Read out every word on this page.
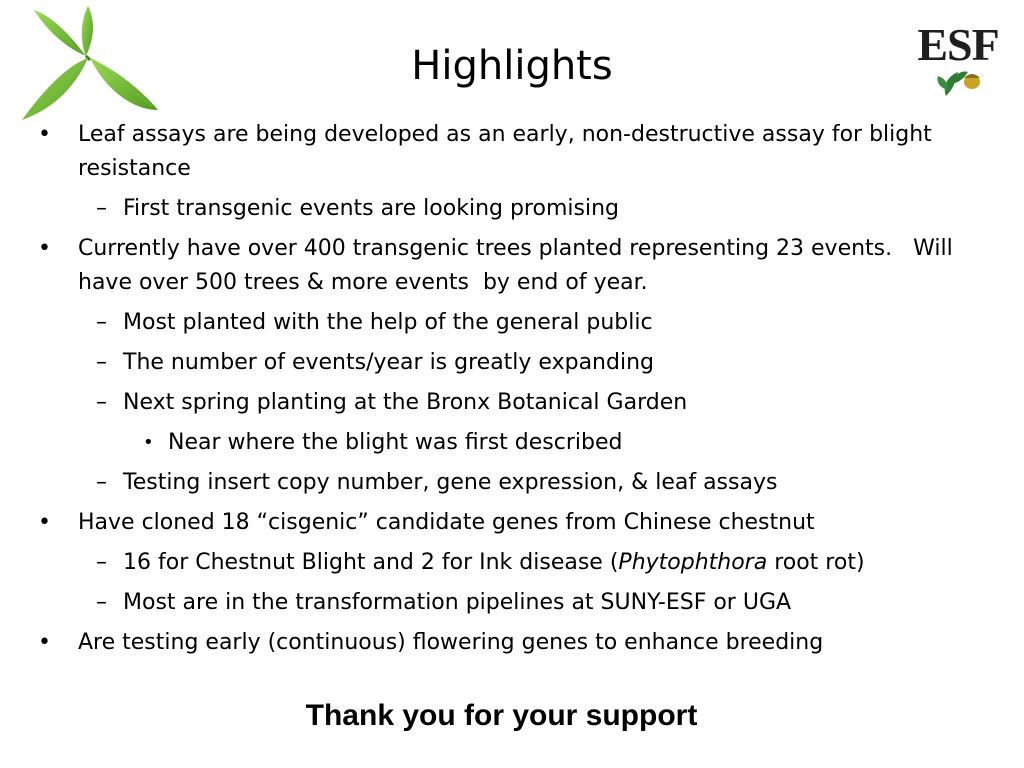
ESF
Highlights
• Leaf assays are being developed as an early, non-destructive assay for blight resistance
– First transgenic events are looking promising
• Currently have over 400 transgenic trees planted representing 23 events.   Will have over 500 trees & more events  by end of year.
– Most planted with the help of the general public
– The number of events/year is greatly expanding
– Next spring planting at the Bronx Botanical Garden
• Near where the blight was first described
– Testing insert copy number, gene expression, & leaf assays
• Have cloned 18 “cisgenic” candidate genes from Chinese chestnut
– 16 for Chestnut Blight and 2 for Ink disease (Phytophthora root rot)
– Most are in the transformation pipelines at SUNY-ESF or UGA
• Are testing early (continuous) flowering genes to enhance breeding
Thank you for your support
